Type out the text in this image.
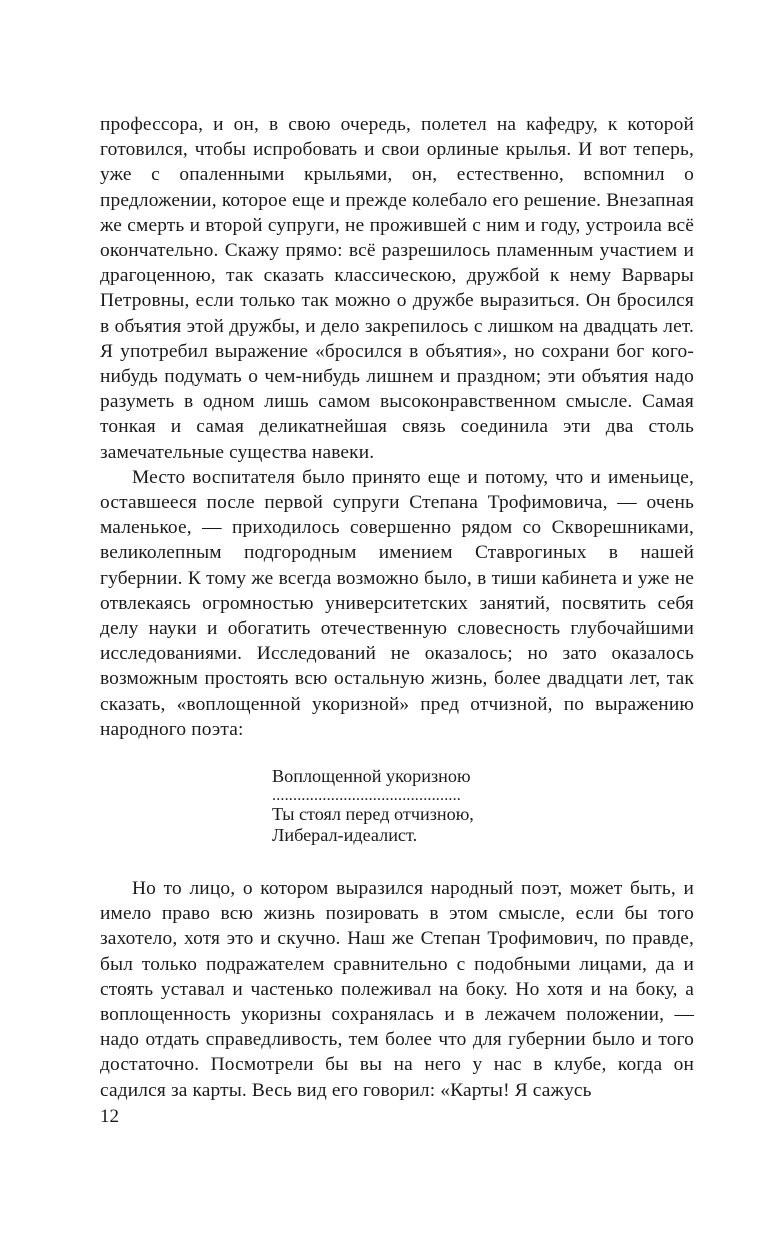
профессора, и он, в свою очередь, полетел на кафедру, к которой готовился, чтобы испробовать и свои орлиные крылья. И вот теперь, уже с опаленными крыльями, он, естественно, вспомнил о предложении, которое еще и прежде колебало его решение. Внезапная же смерть и второй супруги, не прожившей с ним и году, устроила всё окончательно. Скажу прямо: всё разрешилось пламенным участием и драгоценною, так сказать классическою, дружбой к нему Варвары Петровны, если только так можно о дружбе выразиться. Он бросился в объятия этой дружбы, и дело закрепилось с лишком на двадцать лет. Я употребил выражение «бросился в объятия», но сохрани бог кого-нибудь подумать о чем-нибудь лишнем и праздном; эти объятия надо разуметь в одном лишь самом высоконравственном смысле. Самая тонкая и самая деликатнейшая связь соединила эти два столь замечательные существа навеки.

Место воспитателя было принято еще и потому, что и именьице, оставшееся после первой супруги Степана Трофимовича, — очень маленькое, — приходилось совершенно рядом со Скворешниками, великолепным подгородным имением Ставрогиных в нашей губернии. К тому же всегда возможно было, в тиши кабинета и уже не отвлекаясь огромностью университетских занятий, посвятить себя делу науки и обогатить отечественную словесность глубочайшими исследованиями. Исследований не оказалось; но зато оказалось возможным простоять всю остальную жизнь, более двадцати лет, так сказать, «воплощенной укоризной» пред отчизной, по выражению народного поэта:

Воплощенной укоризною
.............................................
Ты стоял перед отчизною,
Либерал-идеалист.

Но то лицо, о котором выразился народный поэт, может быть, и имело право всю жизнь позировать в этом смысле, если бы того захотело, хотя это и скучно. Наш же Степан Трофимович, по правде, был только подражателем сравнительно с подобными лицами, да и стоять уставал и частенько полеживал на боку. Но хотя и на боку, а воплощенность укоризны сохранялась и в лежачем положении, — надо отдать справедливость, тем более что для губернии было и того достаточно. Посмотрели бы вы на него у нас в клубе, когда он садился за карты. Весь вид его говорил: «Карты! Я сажусь

12
